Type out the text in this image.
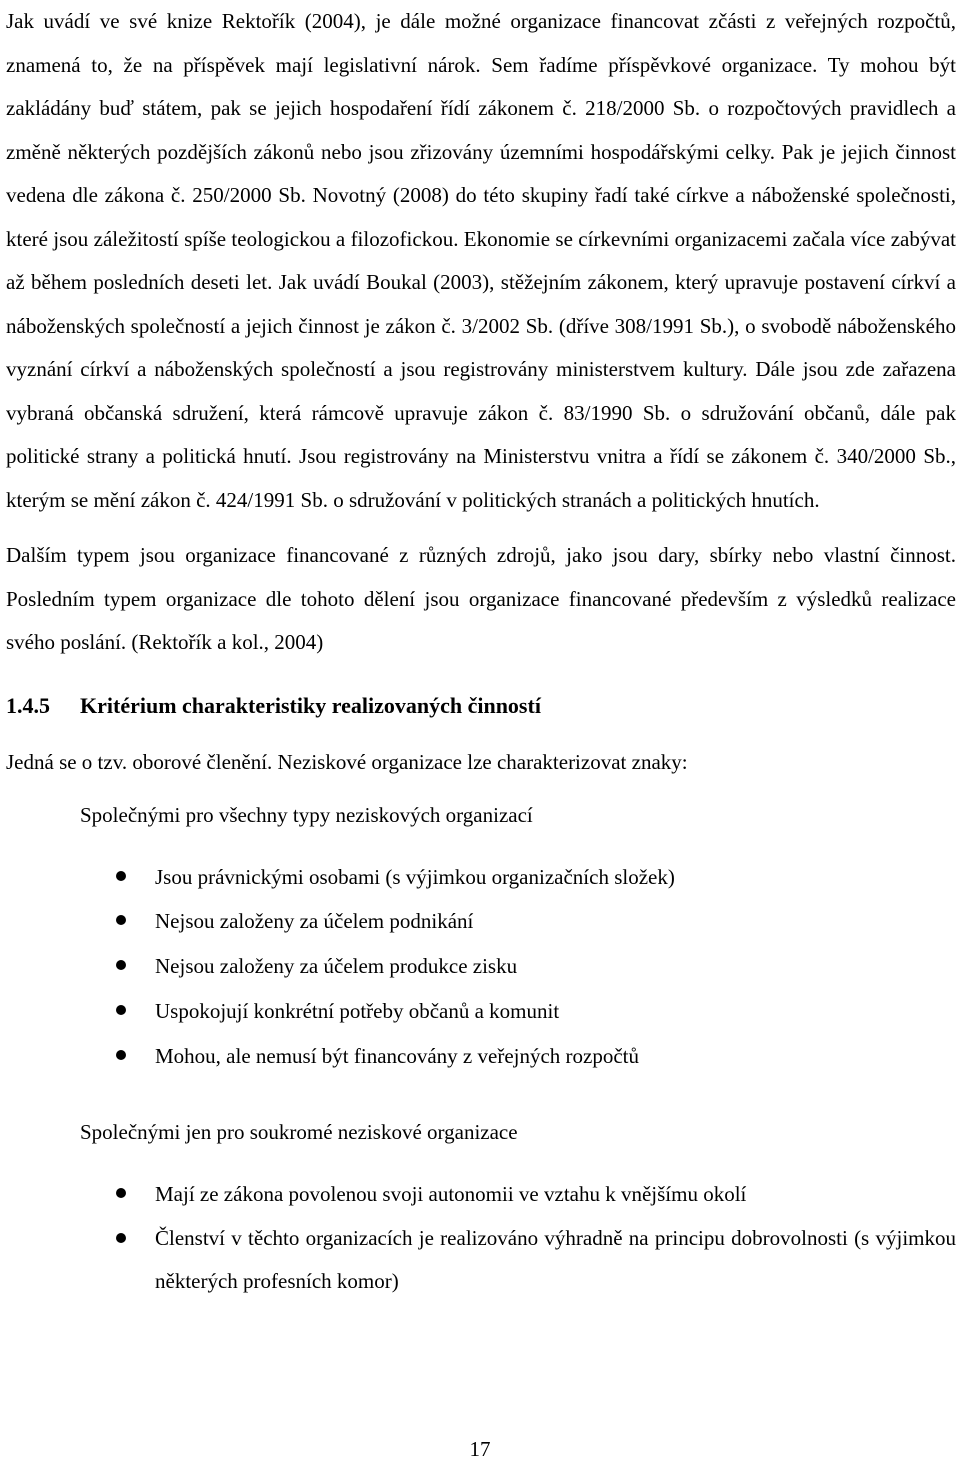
Jak uvádí ve své knize Rektořík (2004), je dále možné organizace financovat zčásti z veřejných rozpočtů, znamená to, že na příspěvek mají legislativní nárok. Sem řadíme příspěvkové organizace. Ty mohou být zakládány buď státem, pak se jejich hospodaření řídí zákonem č. 218/2000 Sb. o rozpočtových pravidlech a změně některých pozdějších zákonů nebo jsou zřizovány územními hospodářskými celky. Pak je jejich činnost vedena dle zákona č. 250/2000 Sb. Novotný (2008) do této skupiny řadí také církve a náboženské společnosti, které jsou záležitostí spíše teologickou a filozofickou. Ekonomie se církevními organizacemi začala více zabývat až během posledních deseti let. Jak uvádí Boukal (2003), stěžejním zákonem, který upravuje postavení církví a náboženských společností a jejich činnost je zákon č. 3/2002 Sb. (dříve 308/1991 Sb.), o svobodě náboženského vyznání církví a náboženských společností a jsou registrovány ministerstvem kultury. Dále jsou zde zařazena vybraná občanská sdružení, která rámcově upravuje zákon č. 83/1990 Sb. o sdružování občanů, dále pak politické strany a politická hnutí. Jsou registrovány na Ministerstvu vnitra a řídí se zákonem č. 340/2000 Sb., kterým se mění zákon č. 424/1991 Sb. o sdružování v politických stranách a politických hnutích.

Dalším typem jsou organizace financované z různých zdrojů, jako jsou dary, sbírky nebo vlastní činnost. Posledním typem organizace dle tohoto dělení jsou organizace financované především z výsledků realizace svého poslání. (Rektořík a kol., 2004)

1.4.5 Kritérium charakteristiky realizovaných činností

Jedná se o tzv. oborové členění. Neziskové organizace lze charakterizovat znaky:

Společnými pro všechny typy neziskových organizací

Jsou právnickými osobami (s výjimkou organizačních složek)
Nejsou založeny za účelem podnikání
Nejsou založeny za účelem produkce zisku
Uspokojují konkrétní potřeby občanů a komunit
Mohou, ale nemusí být financovány z veřejných rozpočtů

Společnými jen pro soukromé neziskové organizace

Mají ze zákona povolenou svoji autonomii ve vztahu k vnějšímu okolí
Členství v těchto organizacích je realizováno výhradně na principu dobrovolnosti (s výjimkou některých profesních komor)
17
